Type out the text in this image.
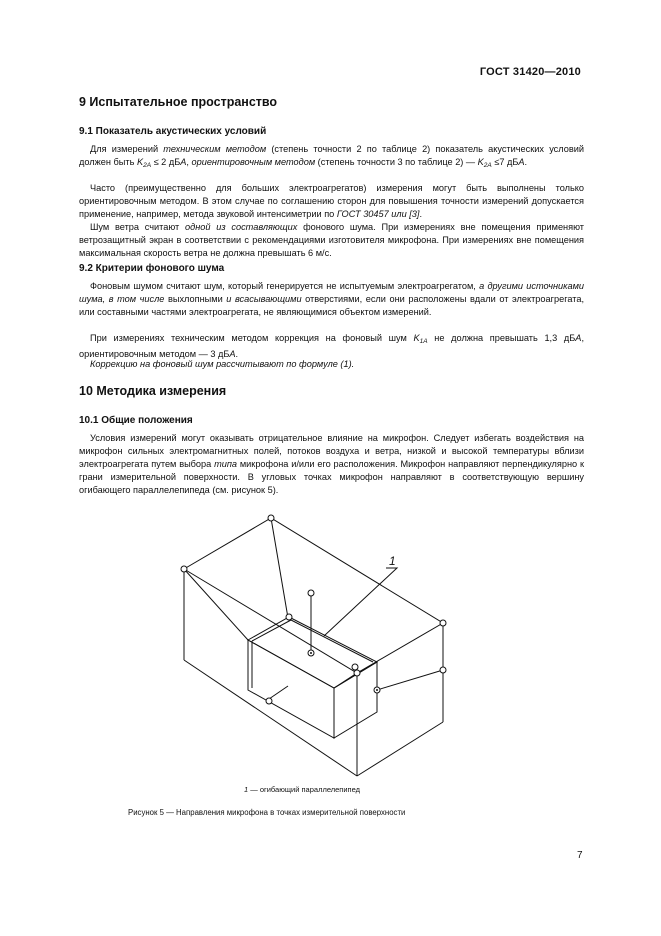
ГОСТ 31420—2010
9 Испытательное пространство
9.1 Показатель акустических условий

Для измерений техническим методом (степень точности 2 по таблице 2) показатель акустических условий должен быть $K_{2A} \le 2$ дБА, ориентировочным методом (степень точности 3 по таблице 2) — $K_{2A} \le 7$ дБА.

Часто (преимущественно для больших электроагрегатов) измерения могут быть выполнены только ориентировочным методом. В этом случае по соглашению сторон для повышения точности измерений допускается применение, например, метода звуковой интенсиметрии по ГОСТ 30457 или [3].

Шум ветра считают одной из составляющих фонового шума. При измерениях вне помещения применяют ветрозащитный экран в соответствии с рекомендациями изготовителя микрофона. При измерениях вне помещения максимальная скорость ветра не должна превышать 6 м/с.

9.2 Критерии фонового шума

Фоновым шумом считают шум, который генерируется не испытуемым электроагрегатом, а другими источниками шума, в том числе выхлопными и всасывающими отверстиями, если они расположены вдали от электроагрегата, или составными частями электроагрегата, не являющимися объектом измерений.

При измерениях техническим методом коррекция на фоновый шум $K_{1A}$ не должна превышать 1,3 дБА, ориентировочным методом — 3 дБА.

Коррекцию на фоновый шум рассчитывают по формуле (1).

10 Методика измерения
10.1 Общие положения

Условия измерений могут оказывать отрицательное влияние на микрофон. Следует избегать воздействия на микрофон сильных электромагнитных полей, потоков воздуха и ветра, низкой и высокой температуры вблизи электроагрегата путем выбора типа микрофона и/или его расположения. Микрофон направляют перпендикулярно к грани измерительной поверхности. В угловых точках микрофон направляют в соответствующую вершину огибающего параллелепипеда (см. рисунок 5).

1
1 — огибающий параллелепипед
Рисунок 5 — Направления микрофона в точках измерительной поверхности
7
